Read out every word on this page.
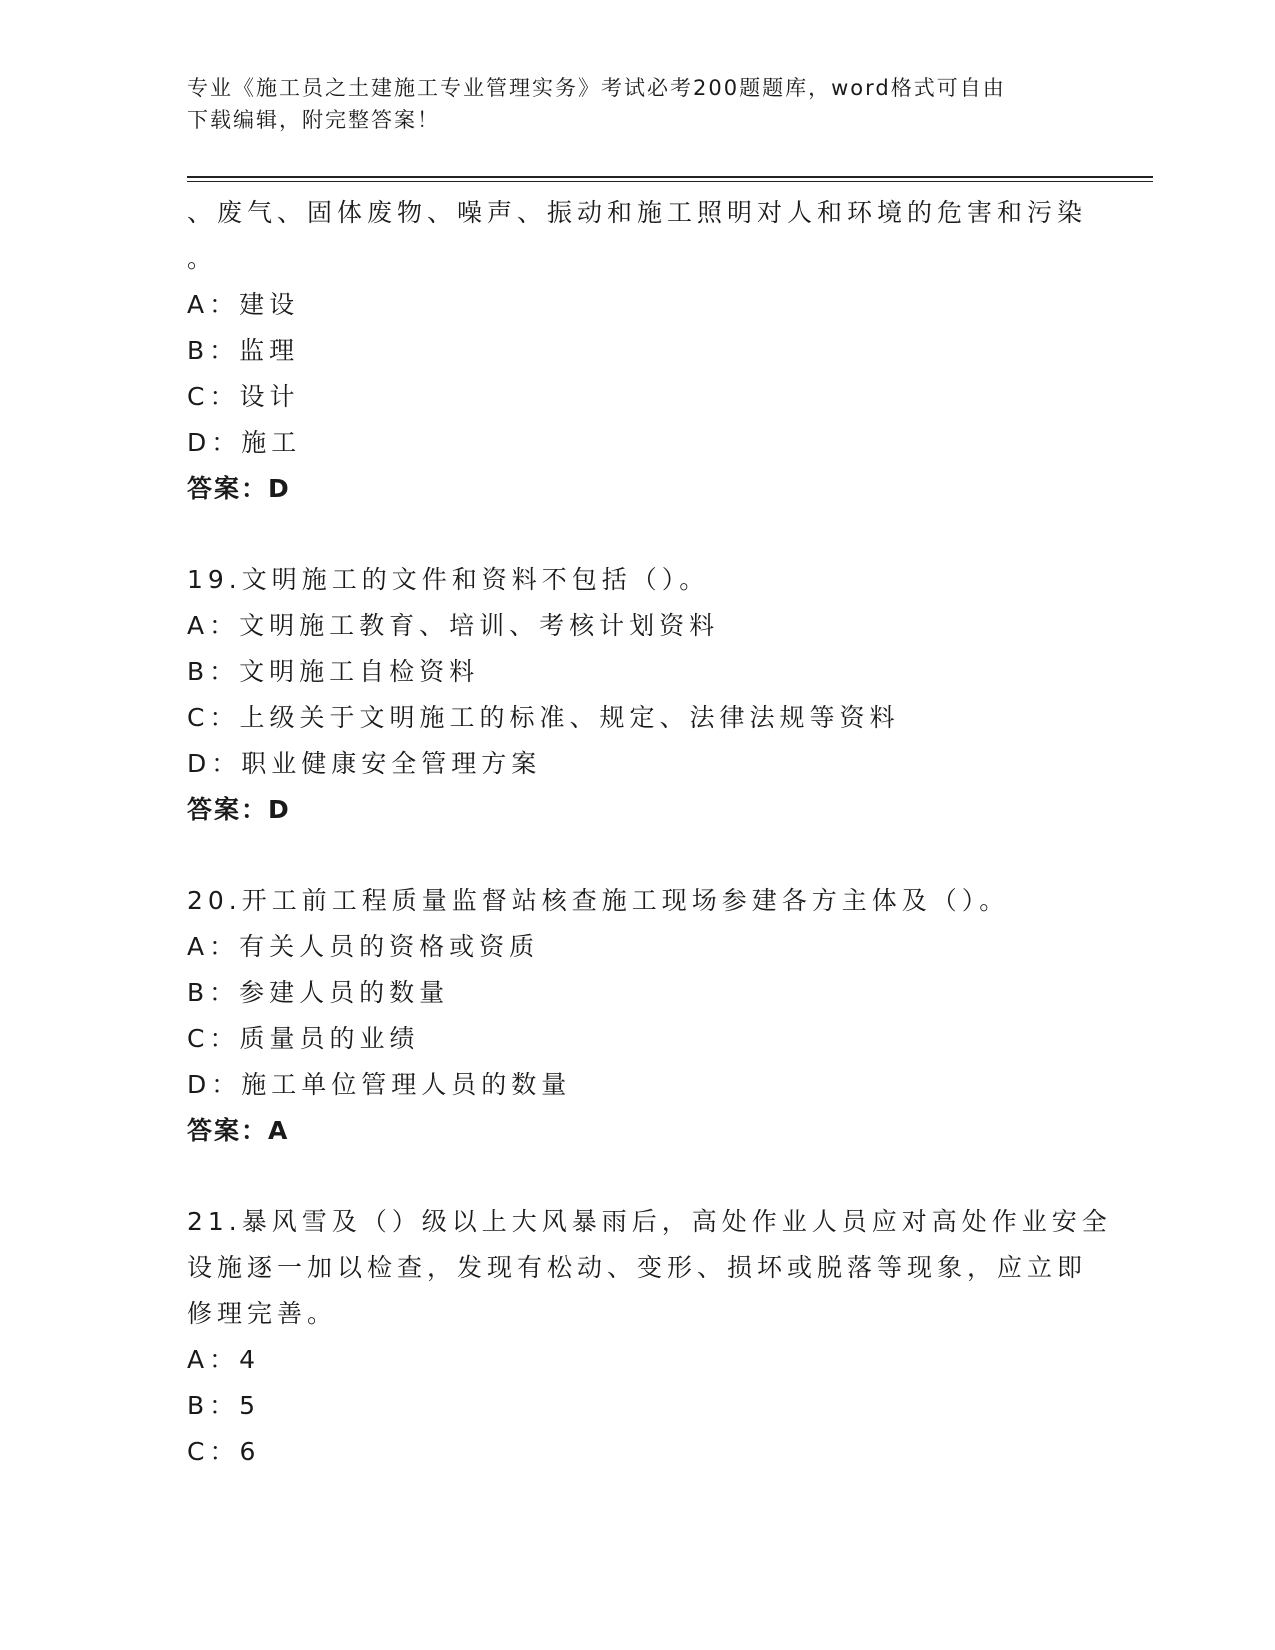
专业《施工员之土建施工专业管理实务》考试必考200题题库，word格式可自由
下载编辑，附完整答案！
、废气、固体废物、噪声、振动和施工照明对人和环境的危害和污染
。
A：建设
B：监理
C：设计
D：施工
答案：D
19.文明施工的文件和资料不包括（）。
A：文明施工教育、培训、考核计划资料
B：文明施工自检资料
C：上级关于文明施工的标准、规定、法律法规等资料
D：职业健康安全管理方案
答案：D
20.开工前工程质量监督站核查施工现场参建各方主体及（）。
A：有关人员的资格或资质
B：参建人员的数量
C：质量员的业绩
D：施工单位管理人员的数量
答案：A
21.暴风雪及（）级以上大风暴雨后，高处作业人员应对高处作业安全
设施逐一加以检查，发现有松动、变形、损坏或脱落等现象，应立即
修理完善。
A：4
B：5
C：6
